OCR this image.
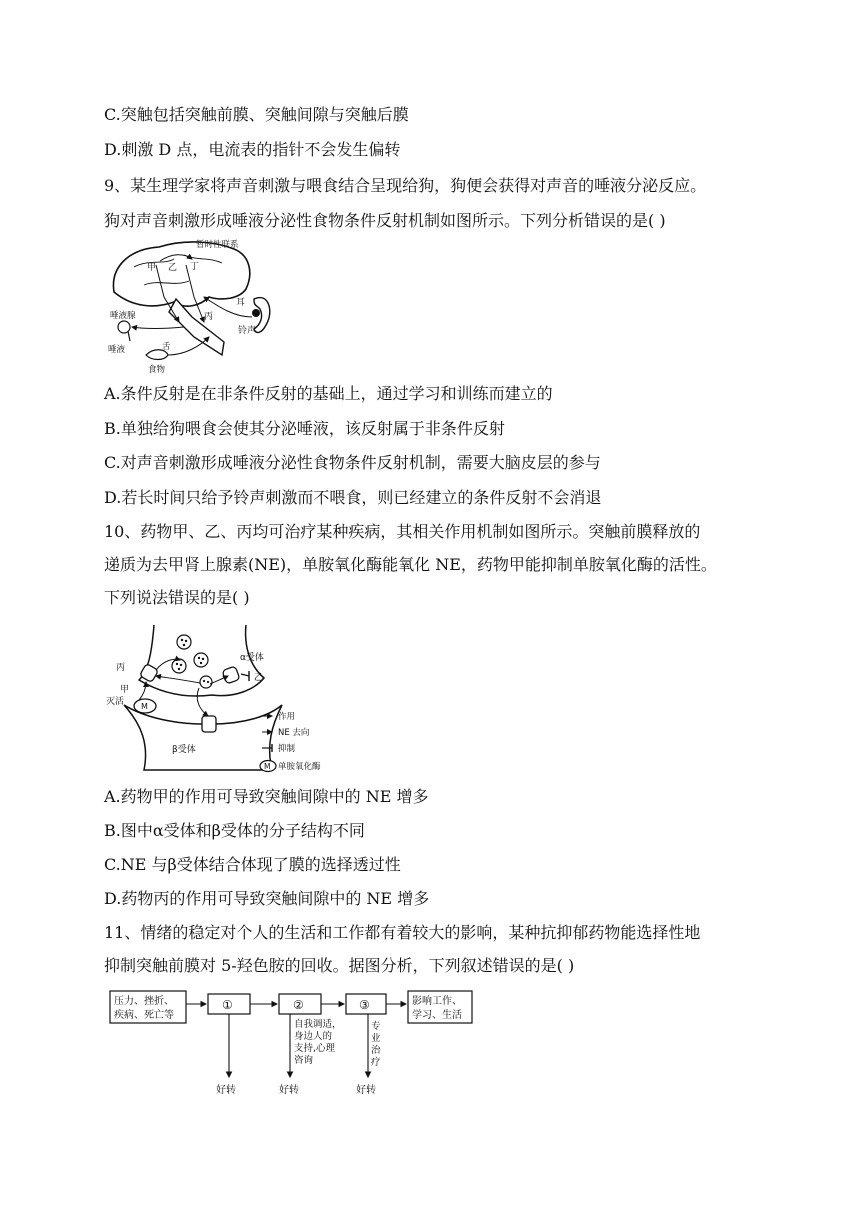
C.突触包括突触前膜、突触间隙与突触后膜
D.刺激 D 点，电流表的指针不会发生偏转
9、某生理学家将声音刺激与喂食结合呈现给狗，狗便会获得对声音的唾液分泌反应。
狗对声音刺激形成唾液分泌性食物条件反射机制如图所示。下列分析错误的是( )
暂时性联系
甲 乙 丁
丙
耳
铃声
唾液腺
唾液	舌
食物
A.条件反射是在非条件反射的基础上，通过学习和训练而建立的
B.单独给狗喂食会使其分泌唾液，该反射属于非条件反射
C.对声音刺激形成唾液分泌性食物条件反射机制，需要大脑皮层的参与
D.若长时间只给予铃声刺激而不喂食，则已经建立的条件反射不会消退
10、药物甲、乙、丙均可治疗某种疾病，其相关作用机制如图所示。突触前膜释放的
递质为去甲肾上腺素(NE)，单胺氧化酶能氧化 NE，药物甲能抑制单胺氧化酶的活性。
下列说法错误的是( )
丙
α受体
乙
甲
灭活 M
β受体
作用
NE 去向
抑制
M 单胺氧化酶
A.药物甲的作用可导致突触间隙中的 NE 增多
B.图中α受体和β受体的分子结构不同
C.NE 与β受体结合体现了膜的选择透过性
D.药物丙的作用可导致突触间隙中的 NE 增多
11、情绪的稳定对个人的生活和工作都有着较大的影响，某种抗抑郁药物能选择性地
抑制突触前膜对 5-羟色胺的回收。据图分析，下列叙述错误的是( )
压力、挫折、
疾病、死亡等
①	②	③	影响工作、
学习、生活
自我调适，
身边人的
支持,心理
咨询
专
业
治
疗
好转	好转	好转
